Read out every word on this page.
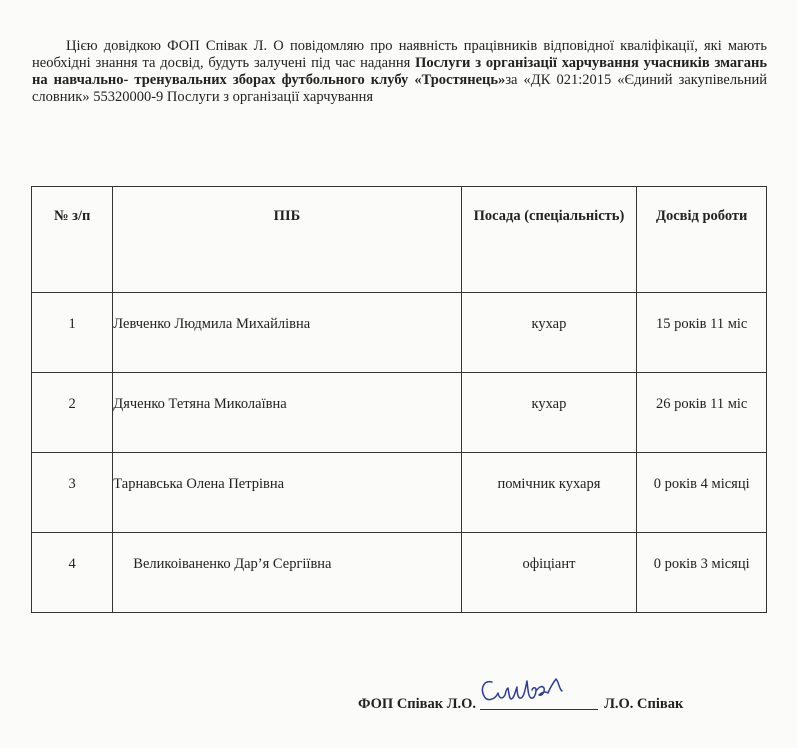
Цією довідкою ФОП Співак Л. О повідомляю про наявність працівників відповідної кваліфікації, які мають необхідні знання та досвід, будуть залучені під час надання Послуги з організації харчування учасників змагань на навчально- тренувальних зборах футбольного клубу «Тростянець»за «ДК 021:2015 «Єдиний закупівельний словник» 55320000-9 Послуги з організації харчування

№ з/п	ПІБ	Посада (спеціальність)	Досвід роботи
1	Левченко Людмила Михайлівна	кухар	15 років 11 міс
2	Дяченко Тетяна Миколаївна	кухар	26 років 11 міс
3	Тарнавська Олена Петрівна	помічник кухаря	0 років 4 місяці
4	Великоіваненко Дар’я Сергіївна	офіціант	0 років 3 місяці
ФОП Співак Л.О.	Л.О. Співак
